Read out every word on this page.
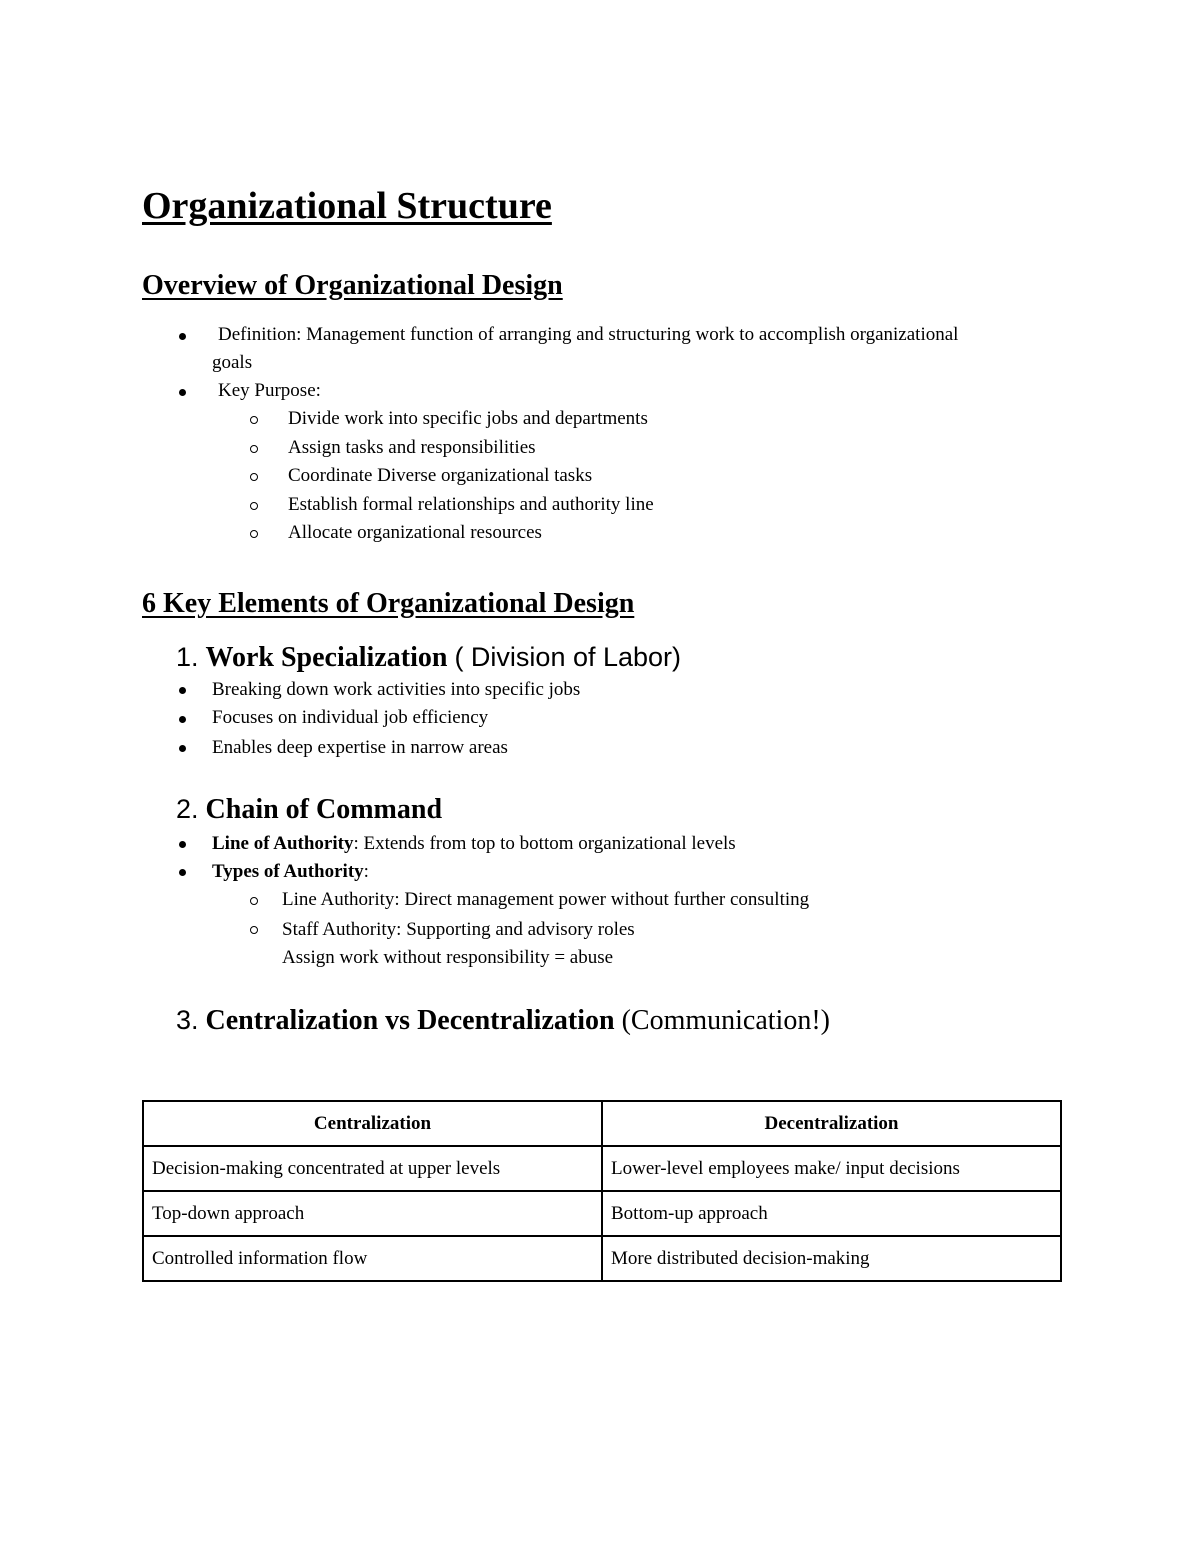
Organizational Structure
Overview of Organizational Design
Definition: Management function of arranging and structuring work to accomplish organizational
goals
Key Purpose:
Divide work into specific jobs and departments
Assign tasks and responsibilities
Coordinate Diverse organizational tasks
Establish formal relationships and authority line
Allocate organizational resources
6 Key Elements of Organizational Design
1. Work Specialization ( Division of Labor)
Breaking down work activities into specific jobs
Focuses on individual job efficiency
Enables deep expertise in narrow areas
2. Chain of Command
Line of Authority: Extends from top to bottom organizational levels
Types of Authority:
Line Authority: Direct management power without further consulting
Staff Authority: Supporting and advisory roles
Assign work without responsibility = abuse
3. Centralization vs Decentralization (Communication!)
Centralization	Decentralization
Decision-making concentrated at upper levels	Lower-level employees make/ input decisions
Top-down approach	Bottom-up approach
Controlled information flow	More distributed decision-making
